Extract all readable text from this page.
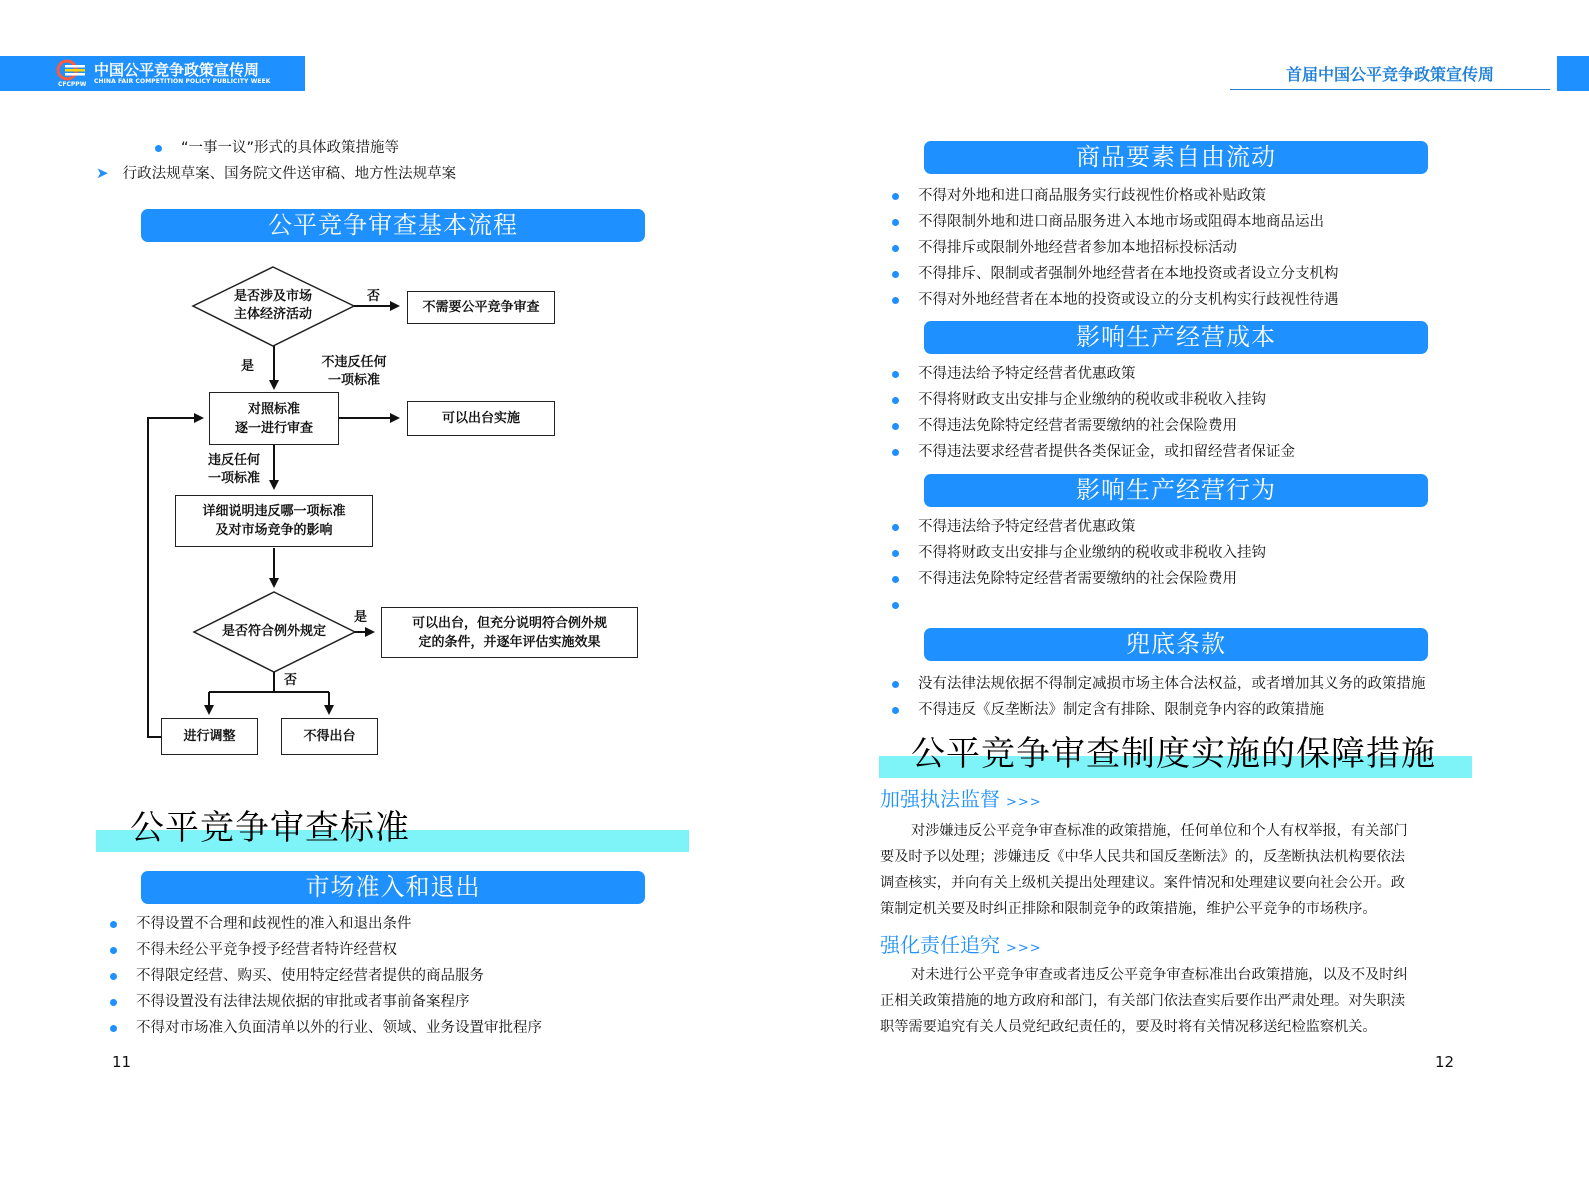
中国公平竞争政策宣传周
CHINA FAIR COMPETITION POLICY PUBLICITY WEEK
CFCPPW
首届中国公平竞争政策宣传周
“一事一议”形式的具体政策措施等
➤ 行政法规草案、国务院文件送审稿、地方性法规草案
公平竞争审查基本流程
是否涉及市场
主体经济活动
否
不需要公平竞争审查
是	不违反任何
一项标准
对照标准
逐一进行审查
可以出台实施
违反任何
一项标准
详细说明违反哪一项标准
及对市场竞争的影响
是否符合例外规定
是	可以出台，但充分说明符合例外规
定的条件，并逐年评估实施效果
否
进行调整	不得出台
公平竞争审查标准
市场准入和退出
不得设置不合理和歧视性的准入和退出条件
不得未经公平竞争授予经营者特许经营权
不得限定经营、购买、使用特定经营者提供的商品服务
不得设置没有法律法规依据的审批或者事前备案程序
不得对市场准入负面清单以外的行业、领域、业务设置审批程序
11
商品要素自由流动
不得对外地和进口商品服务实行歧视性价格或补贴政策
不得限制外地和进口商品服务进入本地市场或阻碍本地商品运出
不得排斥或限制外地经营者参加本地招标投标活动
不得排斥、限制或者强制外地经营者在本地投资或者设立分支机构
不得对外地经营者在本地的投资或设立的分支机构实行歧视性待遇
影响生产经营成本
不得违法给予特定经营者优惠政策
不得将财政支出安排与企业缴纳的税收或非税收入挂钩
不得违法免除特定经营者需要缴纳的社会保险费用
不得违法要求经营者提供各类保证金，或扣留经营者保证金
影响生产经营行为
不得违法给予特定经营者优惠政策
不得将财政支出安排与企业缴纳的税收或非税收入挂钩
不得违法免除特定经营者需要缴纳的社会保险费用
兜底条款
没有法律法规依据不得制定减损市场主体合法权益，或者增加其义务的政策措施
不得违反《反垄断法》制定含有排除、限制竞争内容的政策措施
公平竞争审查制度实施的保障措施
加强执法监督 >>>
对涉嫌违反公平竞争审查标准的政策措施，任何单位和个人有权举报，有关部门
要及时予以处理；涉嫌违反《中华人民共和国反垄断法》的，反垄断执法机构要依法
调查核实，并向有关上级机关提出处理建议。案件情况和处理建议要向社会公开。政
策制定机关要及时纠正排除和限制竞争的政策措施，维护公平竞争的市场秩序。
强化责任追究 >>>
对未进行公平竞争审查或者违反公平竞争审查标准出台政策措施，以及不及时纠
正相关政策措施的地方政府和部门，有关部门依法查实后要作出严肃处理。对失职渎
职等需要追究有关人员党纪政纪责任的，要及时将有关情况移送纪检监察机关。
12
